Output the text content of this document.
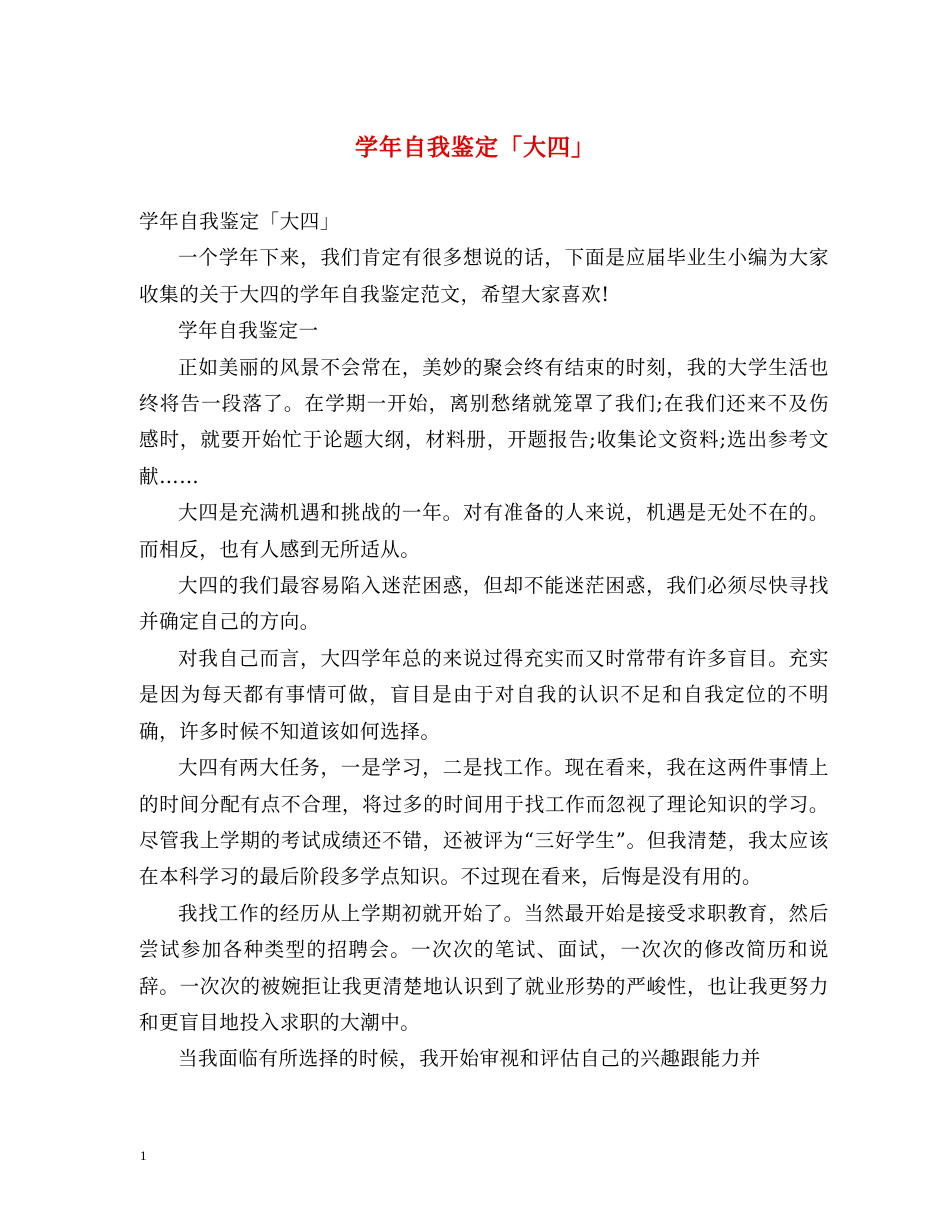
学年自我鉴定「大四」

学年自我鉴定「大四」

一个学年下来，我们肯定有很多想说的话，下面是应届毕业生小编为大家收集的关于大四的学年自我鉴定范文，希望大家喜欢!

学年自我鉴定一

正如美丽的风景不会常在，美妙的聚会终有结束的时刻，我的大学生活也终将告一段落了。在学期一开始，离别愁绪就笼罩了我们;在我们还来不及伤感时，就要开始忙于论题大纲，材料册，开题报告;收集论文资料;选出参考文献……

大四是充满机遇和挑战的一年。对有准备的人来说，机遇是无处不在的。而相反，也有人感到无所适从。

大四的我们最容易陷入迷茫困惑，但却不能迷茫困惑，我们必须尽快寻找并确定自己的方向。

对我自己而言，大四学年总的来说过得充实而又时常带有许多盲目。充实是因为每天都有事情可做，盲目是由于对自我的认识不足和自我定位的不明确，许多时候不知道该如何选择。

大四有两大任务，一是学习，二是找工作。现在看来，我在这两件事情上的时间分配有点不合理，将过多的时间用于找工作而忽视了理论知识的学习。尽管我上学期的考试成绩还不错，还被评为“三好学生”。但我清楚，我太应该在本科学习的最后阶段多学点知识。不过现在看来，后悔是没有用的。

我找工作的经历从上学期初就开始了。当然最开始是接受求职教育，然后尝试参加各种类型的招聘会。一次次的笔试、面试，一次次的修改简历和说辞。一次次的被婉拒让我更清楚地认识到了就业形势的严峻性，也让我更努力和更盲目地投入求职的大潮中。

当我面临有所选择的时候，我开始审视和评估自己的兴趣跟能力并

1
